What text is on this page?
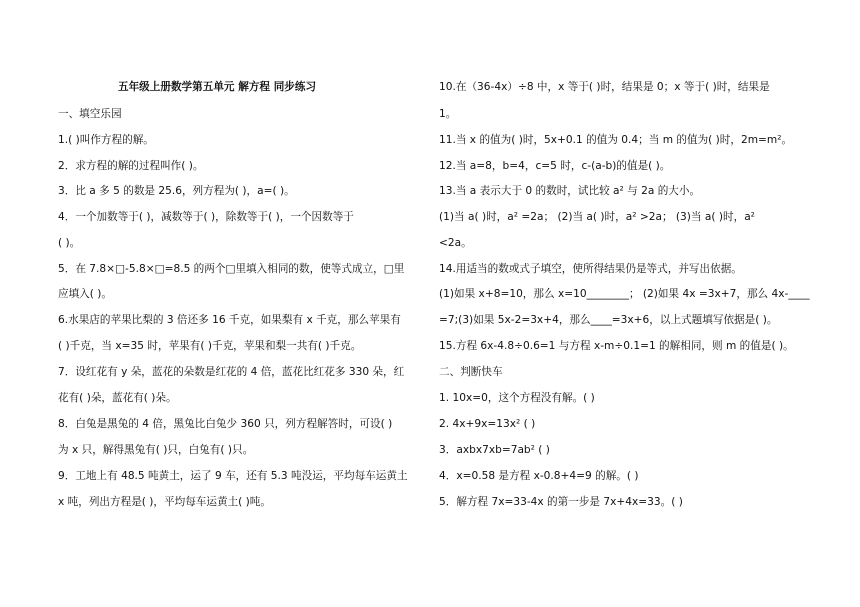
五年级上册数学第五单元 解方程 同步练习
一、填空乐园
1.( )叫作方程的解。
2．求方程的解的过程叫作( )。
3．比 a 多 5 的数是 25.6，列方程为( )，a=( )。
4．一个加数等于( )，减数等于( )，除数等于( )，一个因数等于
( )。
5．在 7.8×□-5.8×□=8.5 的两个□里填入相同的数，使等式成立，□里
应填入( )。
6.水果店的苹果比梨的 3 倍还多 16 千克，如果梨有 x 千克，那么苹果有
( )千克，当 x=35 时，苹果有( )千克，苹果和梨一共有( )千克。
7．设红花有 y 朵，蓝花的朵数是红花的 4 倍，蓝花比红花多 330 朵，红
花有( )朵，蓝花有( )朵。
8．白兔是黑兔的 4 倍，黑兔比白兔少 360 只，列方程解答时，可设( )
为 x 只，解得黑兔有( )只，白兔有( )只。
9．工地上有 48.5 吨黄土，运了 9 车，还有 5.3 吨没运，平均每车运黄土
x 吨，列出方程是( )，平均每车运黄土( )吨。
10.在（36-4x）÷8 中，x 等于( )时，结果是 0；x 等于( )时，结果是
1。
11.当 x 的值为( )时，5x+0.1 的值为 0.4；当 m 的值为( )时，2m=m²。
12.当 a=8，b=4，c=5 时，c-(a-b)的值是( )。
13.当 a 表示大于 0 的数时，试比较 a² 与 2a 的大小。
(1)当 a( )时，a² =2a； (2)当 a( )时，a² >2a； (3)当 a( )时，a²
<2a。
14.用适当的数或式子填空，使所得结果仍是等式，并写出依据。
(1)如果 x+8=10，那么 x=10________； (2)如果 4x =3x+7，那么 4x-____
=7;(3)如果 5x-2=3x+4，那么____=3x+6，以上式题填写依据是( )。
15.方程 6x-4.8÷0.6=1 与方程 x-m÷0.1=1 的解相同，则 m 的值是( )。
二、判断快车
1. 10x=0，这个方程没有解。( )
2. 4x+9x=13x² ( )
3．axbx7xb=7ab² ( )
4．x=0.58 是方程 x-0.8+4=9 的解。( )
5．解方程 7x=33-4x 的第一步是 7x+4x=33。( )
